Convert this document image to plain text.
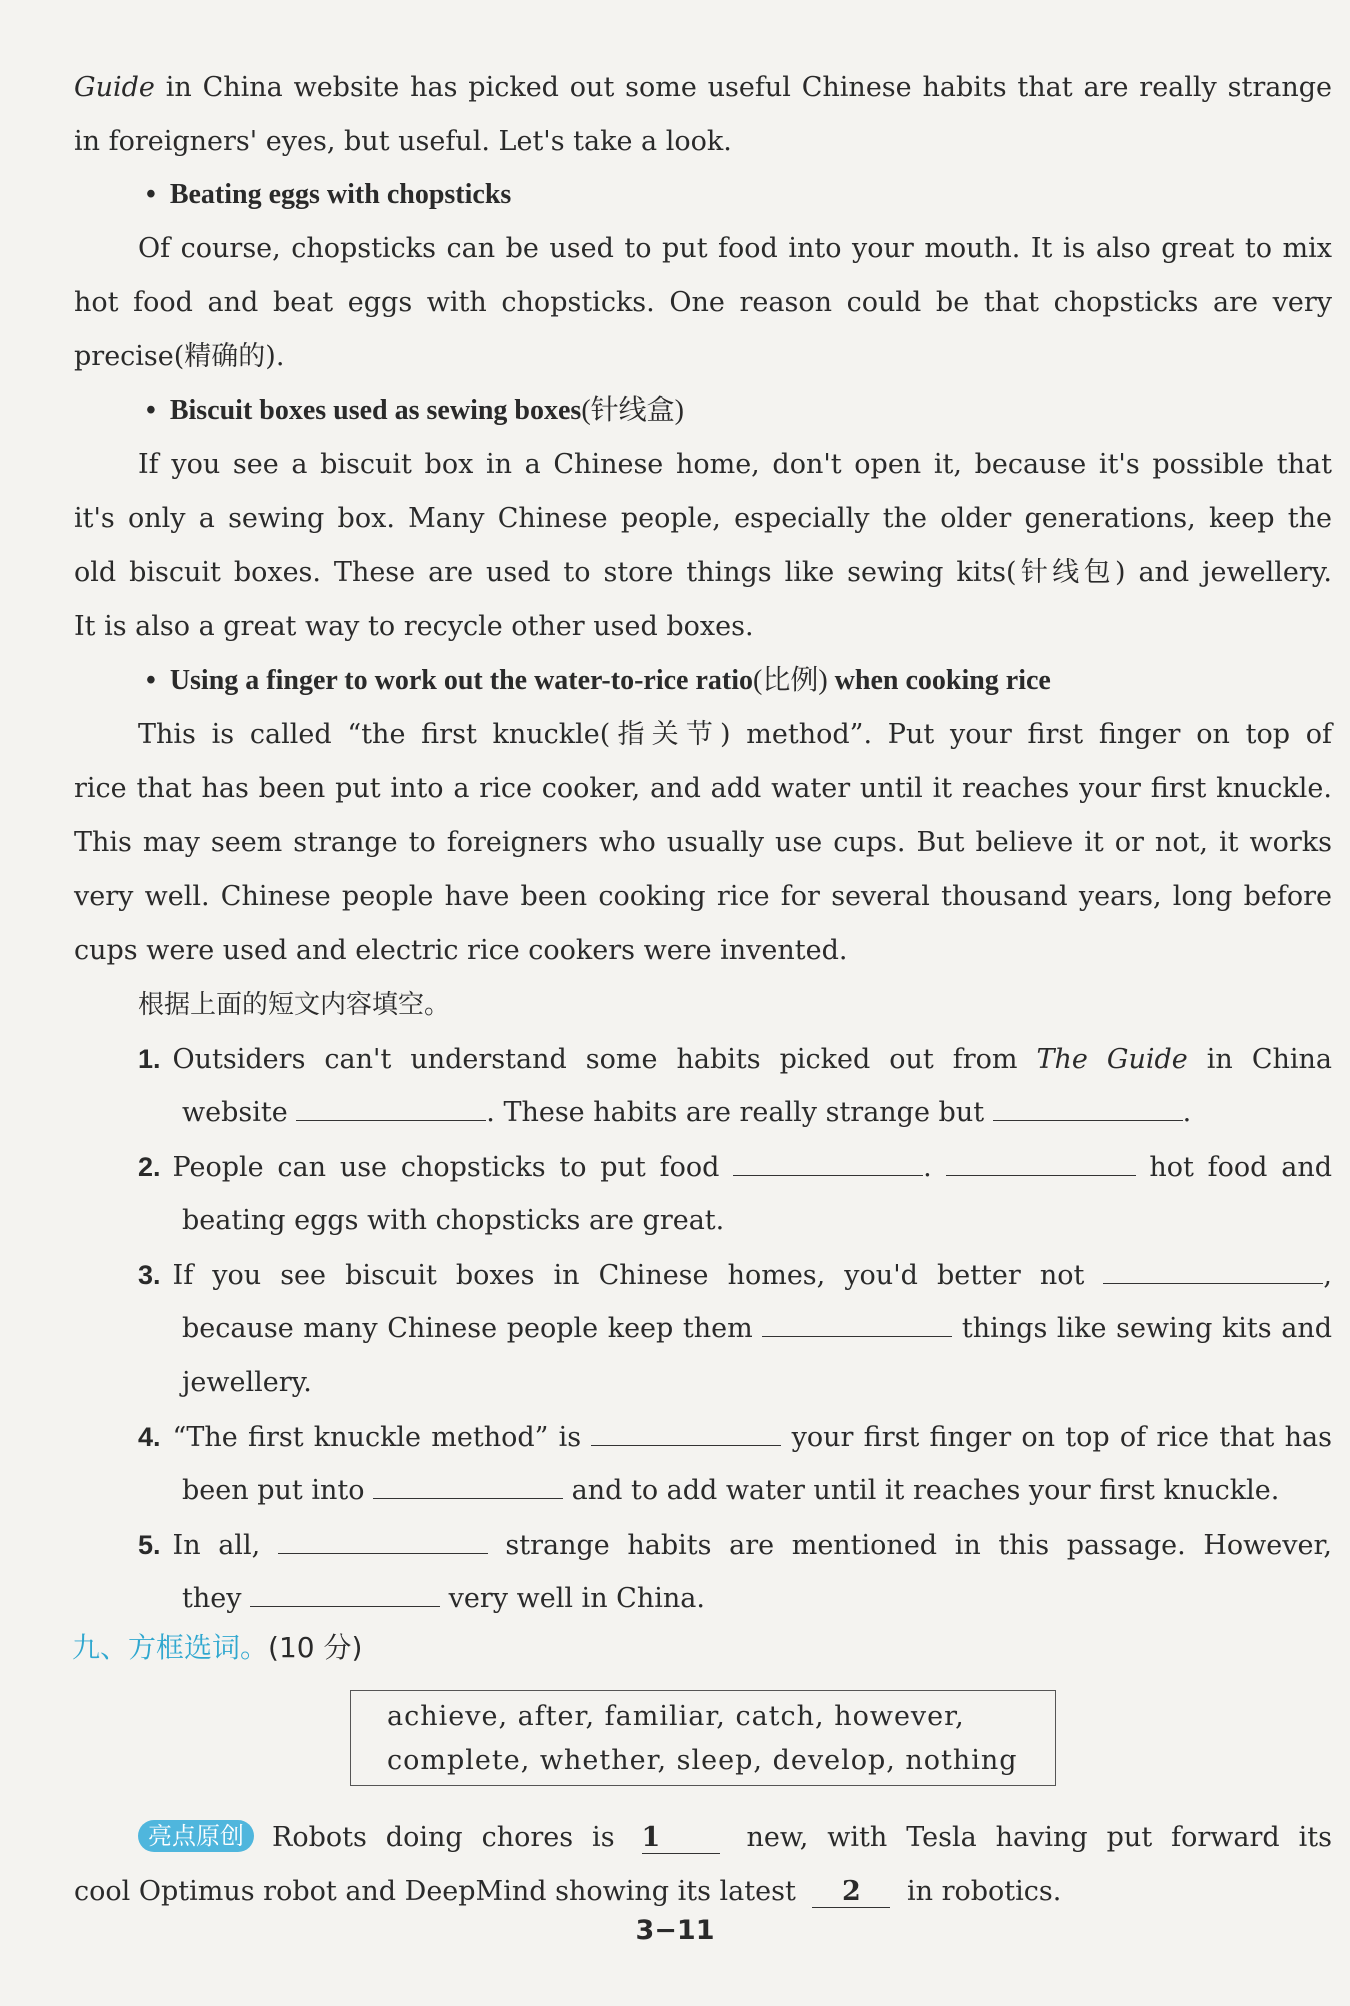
Guide in China website has picked out some useful Chinese habits that are really strange
in foreigners' eyes, but useful. Let's take a look.
•  Beating eggs with chopsticks
Of course, chopsticks can be used to put food into your mouth. It is also great to mix
hot food and beat eggs with chopsticks. One reason could be that chopsticks are very
precise(精确的).
•  Biscuit boxes used as sewing boxes(针线盒)
If you see a biscuit box in a Chinese home, don't open it, because it's possible that
it's only a sewing box. Many Chinese people, especially the older generations, keep the
old biscuit boxes. These are used to store things like sewing kits(针线包) and jewellery.
It is also a great way to recycle other used boxes.
•  Using a finger to work out the water-to-rice ratio(比例) when cooking rice
This is called “the first knuckle(指关节) method”. Put your first finger on top of
rice that has been put into a rice cooker, and add water until it reaches your first knuckle.
This may seem strange to foreigners who usually use cups. But believe it or not, it works
very well. Chinese people have been cooking rice for several thousand years, long before
cups were used and electric rice cookers were invented.
根据上面的短文内容填空。
1. Outsiders can't understand some habits picked out from The Guide in China
website	. These habits are really strange but	.
2. People can use chopsticks to put food	.	hot food and
beating eggs with chopsticks are great.
3. If you see biscuit boxes in Chinese homes, you'd better not	,
because many Chinese people keep them	things like sewing kits and
jewellery.
4. “The first knuckle method” is	your first finger on top of rice that has
been put into	and to add water until it reaches your first knuckle.
5. In all,	strange habits are mentioned in this passage. However,
they	very well in China.
九、方框选词。(10 分)
achieve, after, familiar, catch, however,
complete, whether, sleep, develop, nothing
亮点原创 Robots doing chores is 1 new, with Tesla having put forward its
cool Optimus robot and DeepMind showing its latest 2 in robotics.
3−11
